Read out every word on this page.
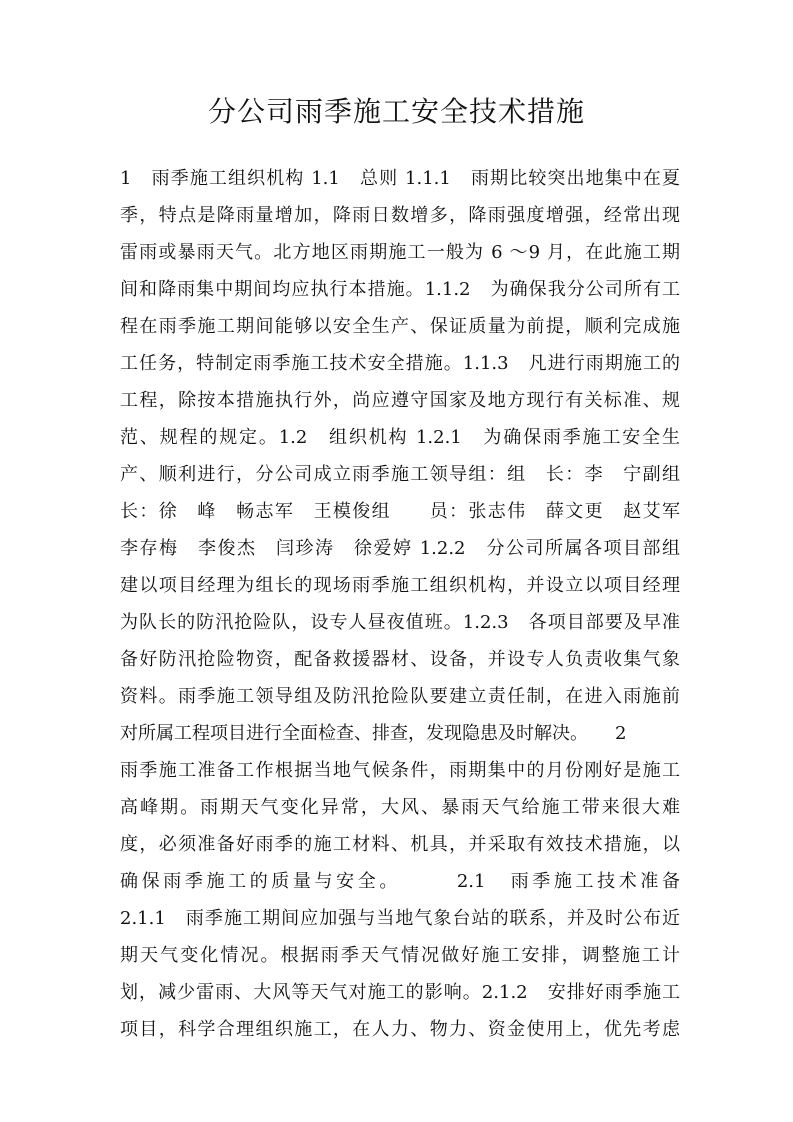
分公司雨季施工安全技术措施
1　雨季施工组织机构 1.1　总则 1.1.1　雨期比较突出地集中在夏
季，特点是降雨量增加，降雨日数增多，降雨强度增强，经常出现
雷雨或暴雨天气。北方地区雨期施工一般为 6 ～9 月，在此施工期
间和降雨集中期间均应执行本措施。1.1.2　为确保我分公司所有工
程在雨季施工期间能够以安全生产、保证质量为前提，顺利完成施
工任务，特制定雨季施工技术安全措施。1.1.3　凡进行雨期施工的
工程，除按本措施执行外，尚应遵守国家及地方现行有关标准、规
范、规程的规定。1.2　组织机构 1.2.1　为确保雨季施工安全生
产、顺利进行，分公司成立雨季施工领导组：组　长：李　宁副组
长：徐　峰　畅志军　王模俊组　　员：张志伟　薛文更　赵艾军
李存梅　李俊杰　闫珍涛　徐爱婷 1.2.2　分公司所属各项目部组
建以项目经理为组长的现场雨季施工组织机构，并设立以项目经理
为队长的防汛抢险队，设专人昼夜值班。1.2.3　各项目部要及早准
备好防汛抢险物资，配备救援器材、设备，并设专人负责收集气象
资料。雨季施工领导组及防汛抢险队要建立责任制，在进入雨施前
对所属工程项目进行全面检查、排查，发现隐患及时解决。　　2
雨季施工准备工作根据当地气候条件，雨期集中的月份刚好是施工
高峰期。雨期天气变化异常，大风、暴雨天气给施工带来很大难
度，必须准备好雨季的施工材料、机具，并采取有效技术措施，以
确保雨季施工的质量与安全。　　　2.1　雨季施工技术准备
2.1.1　雨季施工期间应加强与当地气象台站的联系，并及时公布近
期天气变化情况。根据雨季天气情况做好施工安排，调整施工计
划，减少雷雨、大风等天气对施工的影响。2.1.2　安排好雨季施工
项目，科学合理组织施工，在人力、物力、资金使用上，优先考虑
